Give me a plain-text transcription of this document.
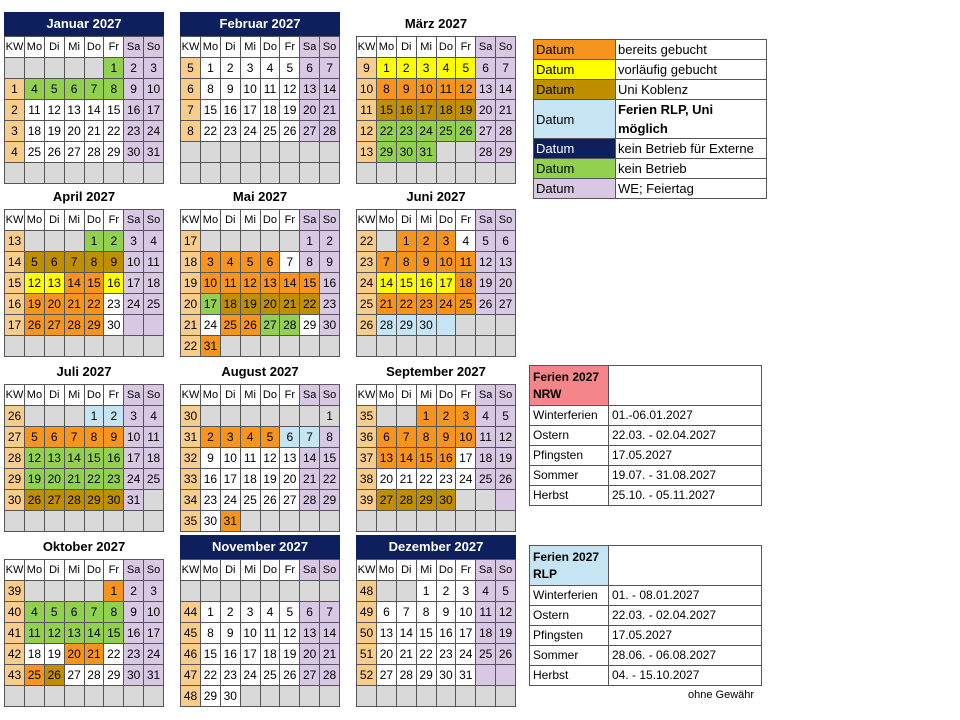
Januar 2027
KW	Mo	Di	Mi	Do	Fr	Sa	So
					1	2	3
1	4	5	6	7	8	9	10
2	11	12	13	14	15	16	17
3	18	19	20	21	22	23	24
4	25	26	27	28	29	30	31

Februar 2027
KW	Mo	Di	Mi	Do	Fr	Sa	So
5	1	2	3	4	5	6	7
6	8	9	10	11	12	13	14
7	15	16	17	18	19	20	21
8	22	23	24	25	26	27	28

März 2027
KW	Mo	Di	Mi	Do	Fr	Sa	So
9	1	2	3	4	5	6	7
10	8	9	10	11	12	13	14
11	15	16	17	18	19	20	21
12	22	23	24	25	26	27	28
13	29	30	31			28	29

April 2027
KW	Mo	Di	Mi	Do	Fr	Sa	So
13				1	2	3	4
14	5	6	7	8	9	10	11
15	12	13	14	15	16	17	18
16	19	20	21	22	23	24	25
17	26	27	28	29	30		

Mai 2027
KW	Mo	Di	Mi	Do	Fr	Sa	So
17						1	2
18	3	4	5	6	7	8	9
19	10	11	12	13	14	15	16
20	17	18	19	20	21	22	23
21	24	25	26	27	28	29	30
22	31						
Juni 2027
KW	Mo	Di	Mi	Do	Fr	Sa	So
22		1	2	3	4	5	6
23	7	8	9	10	11	12	13
24	14	15	16	17	18	19	20
25	21	22	23	24	25	26	27
26	28	29	30				

Juli 2027
KW	Mo	Di	Mi	Do	Fr	Sa	So
26				1	2	3	4
27	5	6	7	8	9	10	11
28	12	13	14	15	16	17	18
29	19	20	21	22	23	24	25
30	26	27	28	29	30	31	

August 2027
KW	Mo	Di	Mi	Do	Fr	Sa	So
30							1
31	2	3	4	5	6	7	8
32	9	10	11	12	13	14	15
33	16	17	18	19	20	21	22
34	23	24	25	26	27	28	29
35	30	31					
September 2027
KW	Mo	Di	Mi	Do	Fr	Sa	So
35			1	2	3	4	5
36	6	7	8	9	10	11	12
37	13	14	15	16	17	18	19
38	20	21	22	23	24	25	26
39	27	28	29	30			

Oktober 2027
KW	Mo	Di	Mi	Do	Fr	Sa	So
39					1	2	3
40	4	5	6	7	8	9	10
41	11	12	13	14	15	16	17
42	18	19	20	21	22	23	24
43	25	26	27	28	29	30	31

November 2027
KW	Mo	Di	Mi	Do	Fr	Sa	So

44	1	2	3	4	5	6	7
45	8	9	10	11	12	13	14
46	15	16	17	18	19	20	21
47	22	23	24	25	26	27	28
48	29	30					
Dezember 2027
KW	Mo	Di	Mi	Do	Fr	Sa	So
48			1	2	3	4	5
49	6	7	8	9	10	11	12
50	13	14	15	16	17	18	19
51	20	21	22	23	24	25	26
52	27	28	29	30	31		

Datum	bereits gebucht
Datum	vorläufig gebucht
Datum	Uni Koblenz
Datum	Ferien RLP, Uni möglich
Datum	kein Betrieb für Externe
Datum	kein Betrieb
Datum	WE; Feiertag
Ferien 2027 NRW	
Winterferien	01.-06.01.2027
Ostern	22.03. - 02.04.2027
Pfingsten	17.05.2027
Sommer	19.07. - 31.08.2027
Herbst	25.10. - 05.11.2027
Ferien 2027 RLP	
Winterferien	01. - 08.01.2027
Ostern	22.03. - 02.04.2027
Pfingsten	17.05.2027
Sommer	28.06. - 06.08.2027
Herbst	04. - 15.10.2027
ohne Gewähr
